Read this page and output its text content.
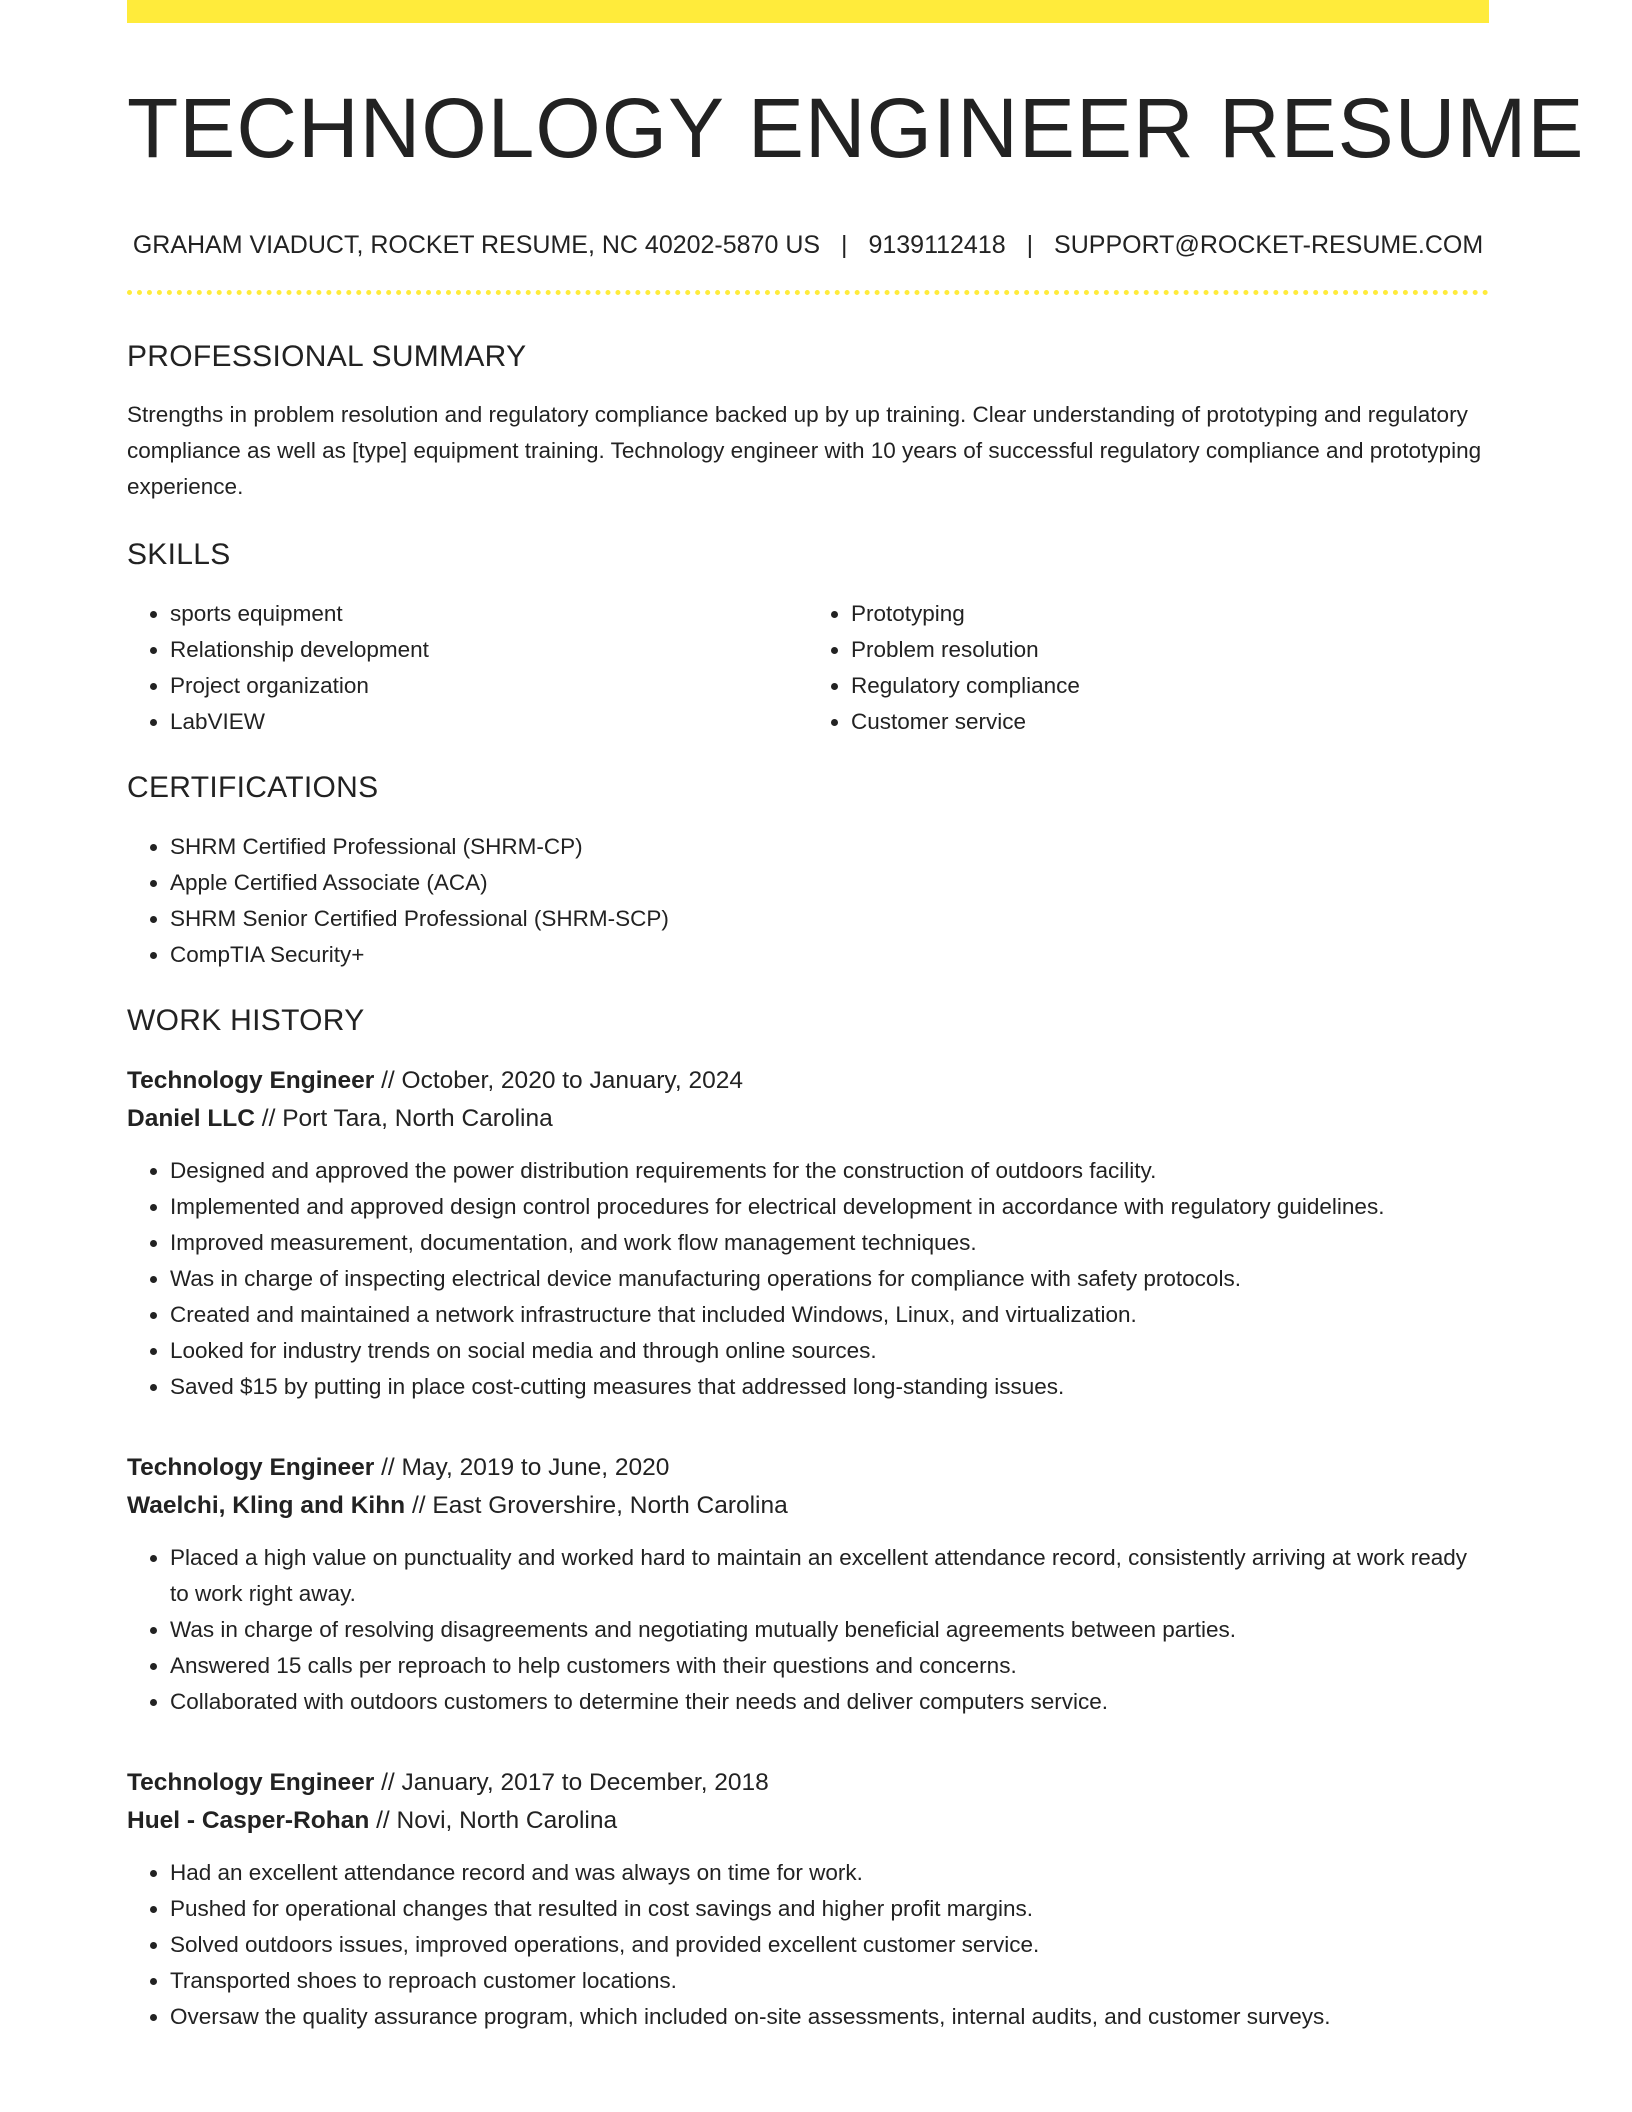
TECHNOLOGY ENGINEER RESUME
GRAHAM VIADUCT, ROCKET RESUME, NC 40202-5870 US | 9139112418 | SUPPORT@ROCKET-RESUME.COM
PROFESSIONAL SUMMARY

Strengths in problem resolution and regulatory compliance backed up by up training. Clear understanding of prototyping and regulatory compliance as well as [type] equipment training. Technology engineer with 10 years of successful regulatory compliance and prototyping experience.

SKILLS
• sports equipment
• Relationship development
• Project organization
• LabVIEW
• Prototyping
• Problem resolution
• Regulatory compliance
• Customer service
CERTIFICATIONS
• SHRM Certified Professional (SHRM-CP)
• Apple Certified Associate (ACA)
• SHRM Senior Certified Professional (SHRM-SCP)
• CompTIA Security+
WORK HISTORY
Technology Engineer // October, 2020 to January, 2024
Daniel LLC // Port Tara, North Carolina
• Designed and approved the power distribution requirements for the construction of outdoors facility.
• Implemented and approved design control procedures for electrical development in accordance with regulatory guidelines.
• Improved measurement, documentation, and work flow management techniques.
• Was in charge of inspecting electrical device manufacturing operations for compliance with safety protocols.
• Created and maintained a network infrastructure that included Windows, Linux, and virtualization.
• Looked for industry trends on social media and through online sources.
• Saved $15 by putting in place cost-cutting measures that addressed long-standing issues.
Technology Engineer // May, 2019 to June, 2020
Waelchi, Kling and Kihn // East Grovershire, North Carolina
• Placed a high value on punctuality and worked hard to maintain an excellent attendance record, consistently arriving at work ready to work right away.
• Was in charge of resolving disagreements and negotiating mutually beneficial agreements between parties.
• Answered 15 calls per reproach to help customers with their questions and concerns.
• Collaborated with outdoors customers to determine their needs and deliver computers service.
Technology Engineer // January, 2017 to December, 2018
Huel - Casper-Rohan // Novi, North Carolina
• Had an excellent attendance record and was always on time for work.
• Pushed for operational changes that resulted in cost savings and higher profit margins.
• Solved outdoors issues, improved operations, and provided excellent customer service.
• Transported shoes to reproach customer locations.
• Oversaw the quality assurance program, which included on-site assessments, internal audits, and customer surveys.
